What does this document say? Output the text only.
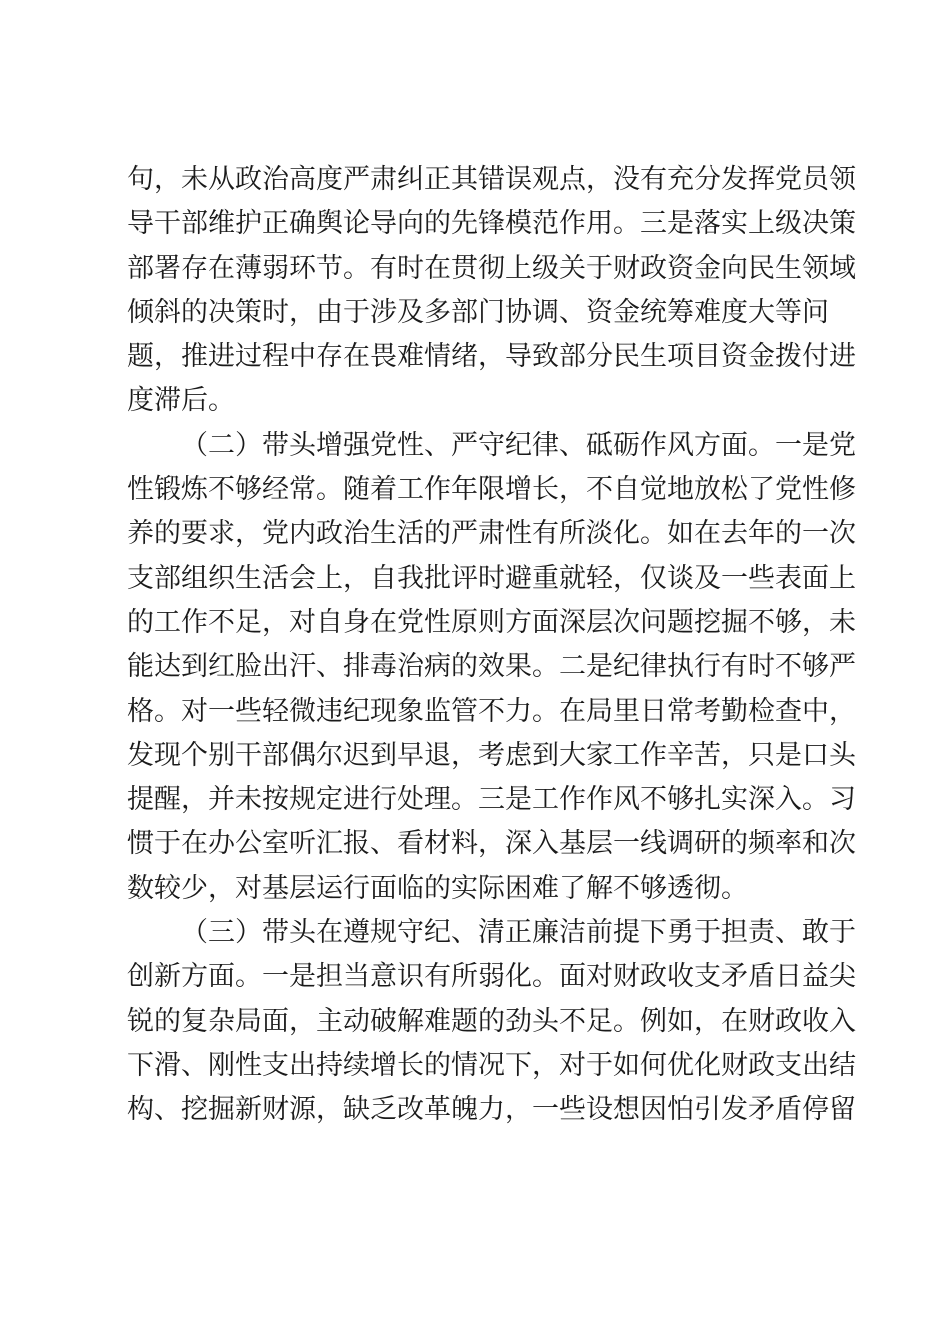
句，未从政治高度严肃纠正其错误观点，没有充分发挥党员领
导干部维护正确舆论导向的先锋模范作用。三是落实上级决策
部署存在薄弱环节。有时在贯彻上级关于财政资金向民生领域
倾斜的决策时，由于涉及多部门协调、资金统筹难度大等问
题，推进过程中存在畏难情绪，导致部分民生项目资金拨付进
度滞后。
（二）带头增强党性、严守纪律、砥砺作风方面。一是党
性锻炼不够经常。随着工作年限增长，不自觉地放松了党性修
养的要求，党内政治生活的严肃性有所淡化。如在去年的一次
支部组织生活会上，自我批评时避重就轻，仅谈及一些表面上
的工作不足，对自身在党性原则方面深层次问题挖掘不够，未
能达到红脸出汗、排毒治病的效果。二是纪律执行有时不够严
格。对一些轻微违纪现象监管不力。在局里日常考勤检查中，
发现个别干部偶尔迟到早退，考虑到大家工作辛苦，只是口头
提醒，并未按规定进行处理。三是工作作风不够扎实深入。习
惯于在办公室听汇报、看材料，深入基层一线调研的频率和次
数较少，对基层运行面临的实际困难了解不够透彻。
（三）带头在遵规守纪、清正廉洁前提下勇于担责、敢于
创新方面。一是担当意识有所弱化。面对财政收支矛盾日益尖
锐的复杂局面，主动破解难题的劲头不足。例如，在财政收入
下滑、刚性支出持续增长的情况下，对于如何优化财政支出结
构、挖掘新财源，缺乏改革魄力，一些设想因怕引发矛盾停留
